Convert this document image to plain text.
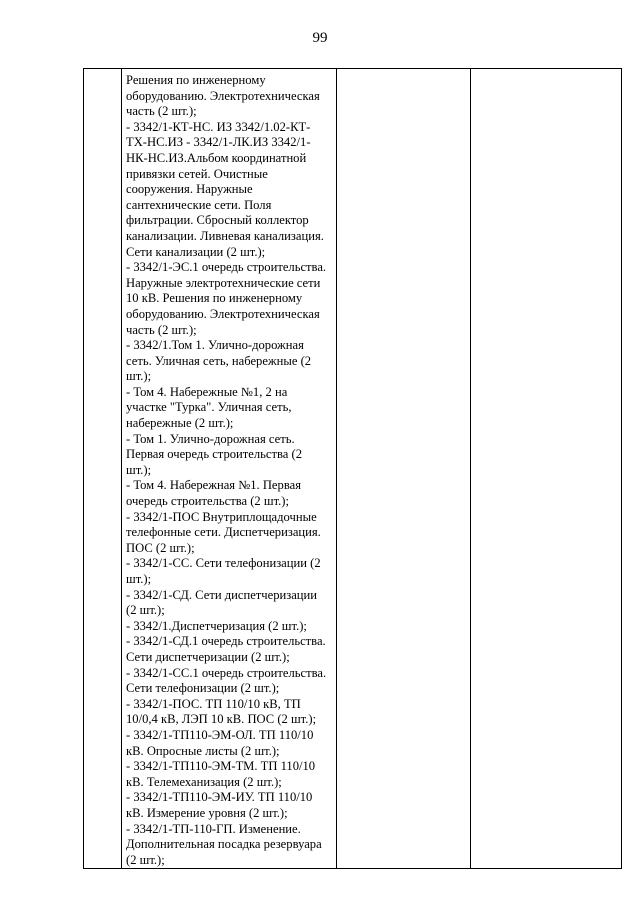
99

Решения по инженерному
оборудованию. Электротехническая
часть (2 шт.);
- 3342/1-КТ-НС. ИЗ 3342/1.02-КТ-
ТХ-НС.ИЗ - 3342/1-ЛК.ИЗ 3342/1-
НК-НС.ИЗ.Альбом координатной
привязки сетей. Очистные
сооружения. Наружные
сантехнические сети. Поля
фильтрации. Сбросный коллектор
канализации. Ливневая канализация.
Сети канализации (2 шт.);
- 3342/1-ЭС.1 очередь строительства.
Наружные электротехнические сети
10 кВ. Решения по инженерному
оборудованию. Электротехническая
часть (2 шт.);
- 3342/1.Том 1. Улично-дорожная
сеть. Уличная сеть, набережные (2
шт.);
- Том 4. Набережные №1, 2 на
участке "Турка". Уличная сеть,
набережные (2 шт.);
- Том 1. Улично-дорожная сеть.
Первая очередь строительства (2
шт.);
- Том 4. Набережная №1. Первая
очередь строительства (2 шт.);
- 3342/1-ПОС Внутриплощадочные
телефонные сети. Диспетчеризация.
ПОС (2 шт.);
- 3342/1-СС. Сети телефонизации (2
шт.);
- 3342/1-СД. Сети диспетчеризации
(2 шт.);
- 3342/1.Диспетчеризация (2 шт.);
- 3342/1-СД.1 очередь строительства.
Сети диспетчеризации (2 шт.);
- 3342/1-СС.1 очередь строительства.
Сети телефонизации (2 шт.);
- 3342/1-ПОС. ТП 110/10 кВ, ТП
10/0,4 кВ, ЛЭП 10 кВ. ПОС (2 шт.);
- 3342/1-ТП110-ЭМ-ОЛ. ТП 110/10
кВ. Опросные листы (2 шт.);
- 3342/1-ТП110-ЭМ-ТМ. ТП 110/10
кВ. Телемеханизация (2 шт.);
- 3342/1-ТП110-ЭМ-ИУ. ТП 110/10
кВ. Измерение уровня (2 шт.);
- 3342/1-ТП-110-ГП. Изменение.
Дополнительная посадка резервуара
(2 шт.);
